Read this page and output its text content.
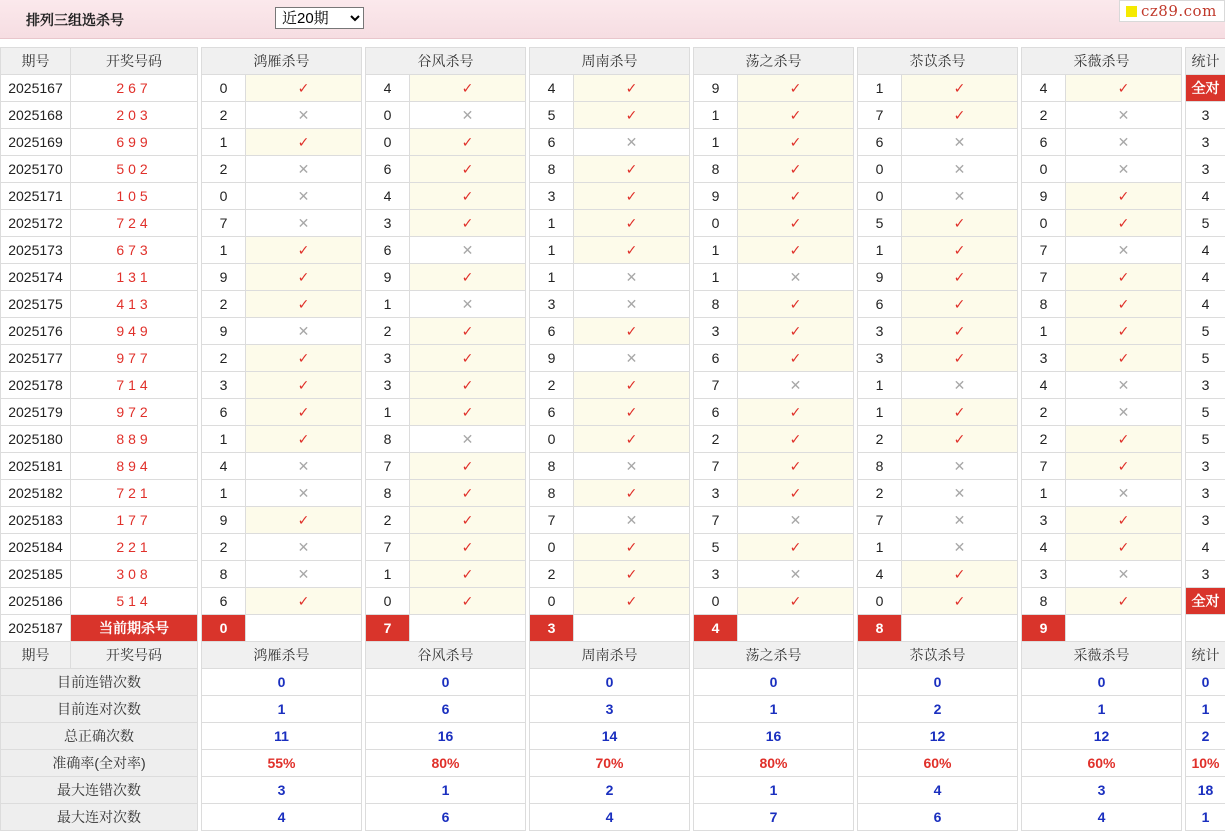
排列三组选杀号
近20期	cz89.com
期号	开奖号码		鸿雁杀号			谷风杀号			周南杀号			荡之杀号			苶苡杀号			采薇杀号			统计
2025167	267		0	✓		4	✓		4	✓		9	✓		1	✓		4	✓		全对
2025168	203		2	✕		0	✕		5	✓		1	✓		7	✓		2	✕		3
2025169	699		1	✓		0	✓		6	✕		1	✓		6	✕		6	✕		3
2025170	502		2	✕		6	✓		8	✓		8	✓		0	✕		0	✕		3
2025171	105		0	✕		4	✓		3	✓		9	✓		0	✕		9	✓		4
2025172	724		7	✕		3	✓		1	✓		0	✓		5	✓		0	✓		5
2025173	673		1	✓		6	✕		1	✓		1	✓		1	✓		7	✕		4
2025174	131		9	✓		9	✓		1	✕		1	✕		9	✓		7	✓		4
2025175	413		2	✓		1	✕		3	✕		8	✓		6	✓		8	✓		4
2025176	949		9	✕		2	✓		6	✓		3	✓		3	✓		1	✓		5
2025177	977		2	✓		3	✓		9	✕		6	✓		3	✓		3	✓		5
2025178	714		3	✓		3	✓		2	✓		7	✕		1	✕		4	✕		3
2025179	972		6	✓		1	✓		6	✓		6	✓		1	✓		2	✕		5
2025180	889		1	✓		8	✕		0	✓		2	✓		2	✓		2	✓		5
2025181	894		4	✕		7	✓		8	✕		7	✓		8	✕		7	✓		3
2025182	721		1	✕		8	✓		8	✓		3	✓		2	✕		1	✕		3
2025183	177		9	✓		2	✓		7	✕		7	✕		7	✕		3	✓		3
2025184	221		2	✕		7	✓		0	✓		5	✓		1	✕		4	✓		4
2025185	308		8	✕		1	✓		2	✓		3	✕		4	✓		3	✕		3
2025186	514		6	✓		0	✓		0	✓		0	✓		0	✓		8	✓		全对
2025187	当前期杀号		0			7			3			4			8			9			
期号	开奖号码		鸿雁杀号			谷风杀号			周南杀号			荡之杀号			苶苡杀号			采薇杀号			统计
目前连错次数			0			0			0			0			0			0			0
目前连对次数			1			6			3			1			2			1			1
总正确次数			11			16			14			16			12			12			2
准确率(全对率)			55%			80%			70%			80%			60%			60%			10%
最大连错次数			3			1			2			1			4			3			18
最大连对次数			4			6			4			7			6			4			1
